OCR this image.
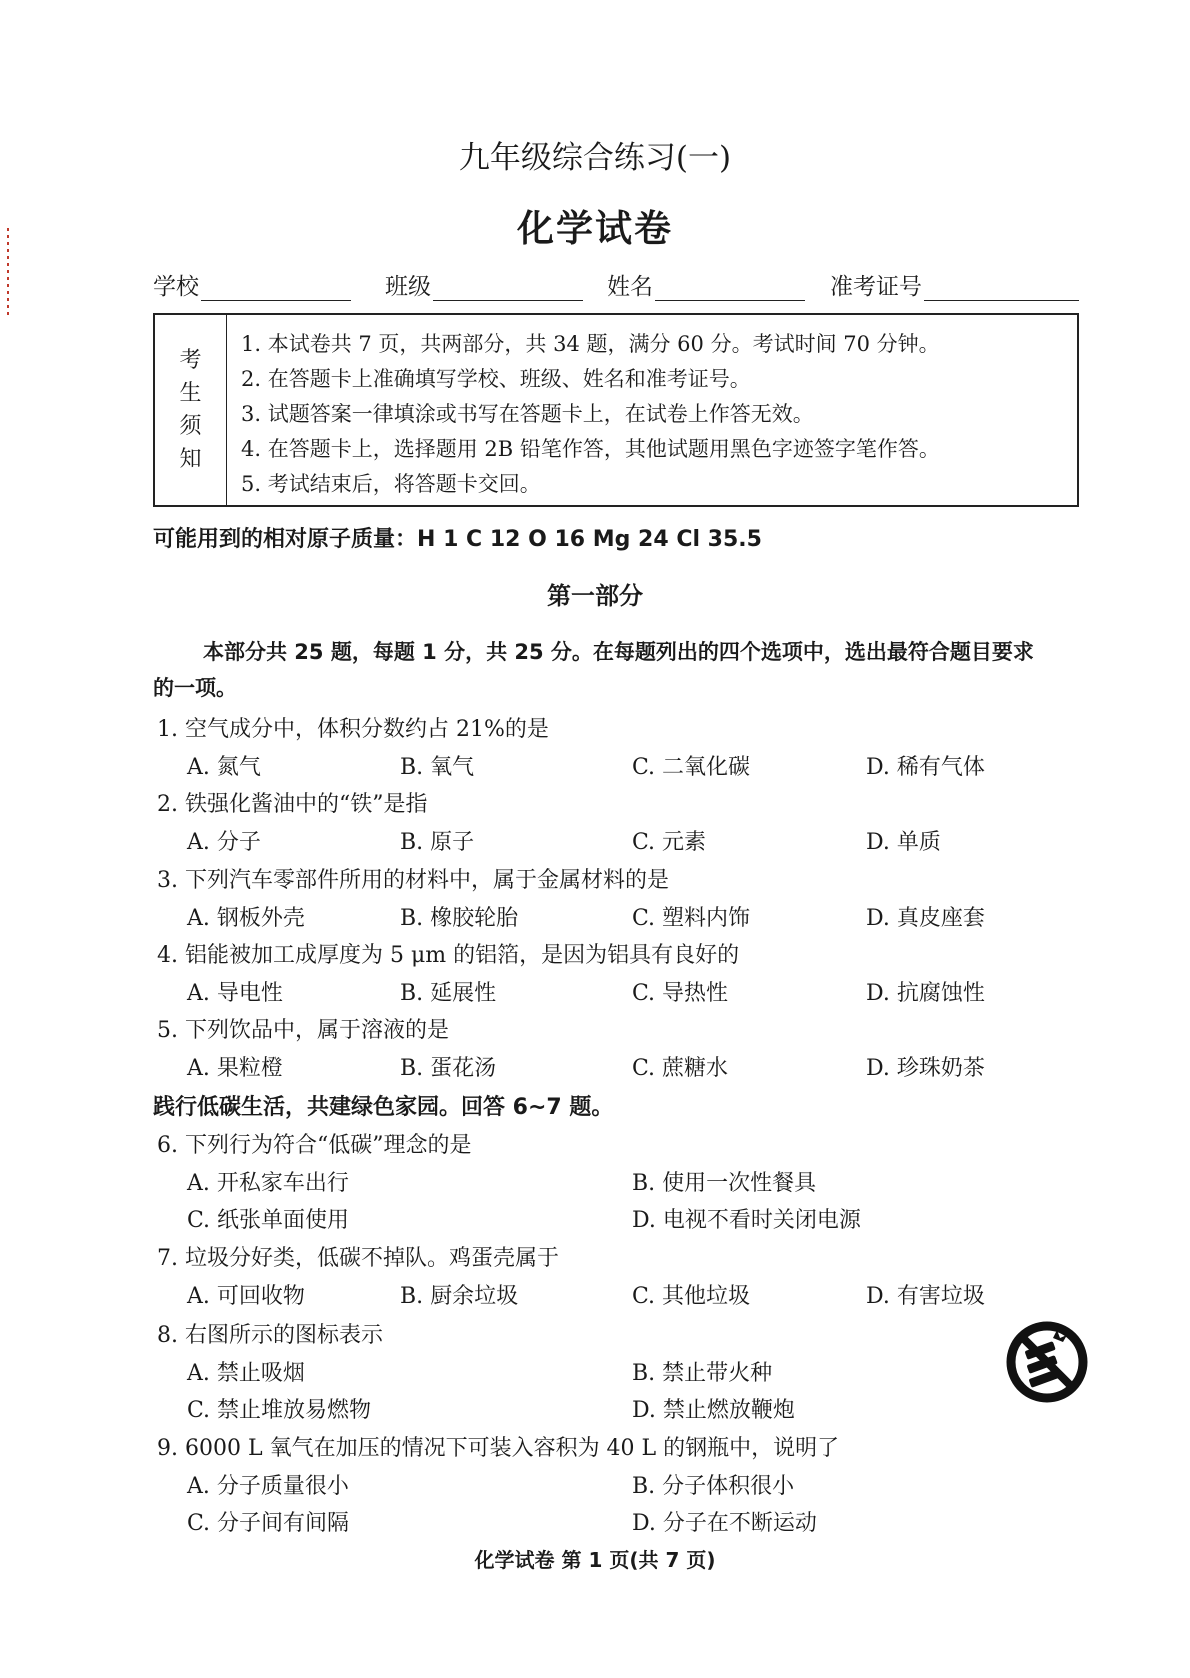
九年级综合练习(一)
化学试卷
学校	班级	姓名	准考证号
考
生
须
知
1. 本试卷共 7 页，共两部分，共 34 题，满分 60 分。考试时间 70 分钟。
2. 在答题卡上准确填写学校、班级、姓名和准考证号。
3. 试题答案一律填涂或书写在答题卡上，在试卷上作答无效。
4. 在答题卡上，选择题用 2B 铅笔作答，其他试题用黑色字迹签字笔作答。
5. 考试结束后，将答题卡交回。
可能用到的相对原子质量：H 1 C 12 O 16 Mg 24 Cl 35.5
第一部分
本部分共 25 题，每题 1 分，共 25 分。在每题列出的四个选项中，选出最符合题目要求
的一项。
1. 空气成分中，体积分数约占 21%的是
A. 氮气	B. 氧气	C. 二氧化碳	D. 稀有气体
2. 铁强化酱油中的“铁”是指
A. 分子	B. 原子	C. 元素	D. 单质
3. 下列汽车零部件所用的材料中，属于金属材料的是
A. 钢板外壳	B. 橡胶轮胎	C. 塑料内饰	D. 真皮座套
4. 铝能被加工成厚度为 5 μm 的铝箔，是因为铝具有良好的
A. 导电性	B. 延展性	C. 导热性	D. 抗腐蚀性
5. 下列饮品中，属于溶液的是
A. 果粒橙	B. 蛋花汤	C. 蔗糖水	D. 珍珠奶茶
践行低碳生活，共建绿色家园。回答 6~7 题。
6. 下列行为符合“低碳”理念的是
A. 开私家车出行	B. 使用一次性餐具
C. 纸张单面使用	D. 电视不看时关闭电源
7. 垃圾分好类，低碳不掉队。鸡蛋壳属于
A. 可回收物	B. 厨余垃圾	C. 其他垃圾	D. 有害垃圾
8. 右图所示的图标表示
A. 禁止吸烟	B. 禁止带火种
C. 禁止堆放易燃物	D. 禁止燃放鞭炮
9. 6000 L 氧气在加压的情况下可装入容积为 40 L 的钢瓶中，说明了
A. 分子质量很小	B. 分子体积很小
C. 分子间有间隔	D. 分子在不断运动
化学试卷 第 1 页(共 7 页)
